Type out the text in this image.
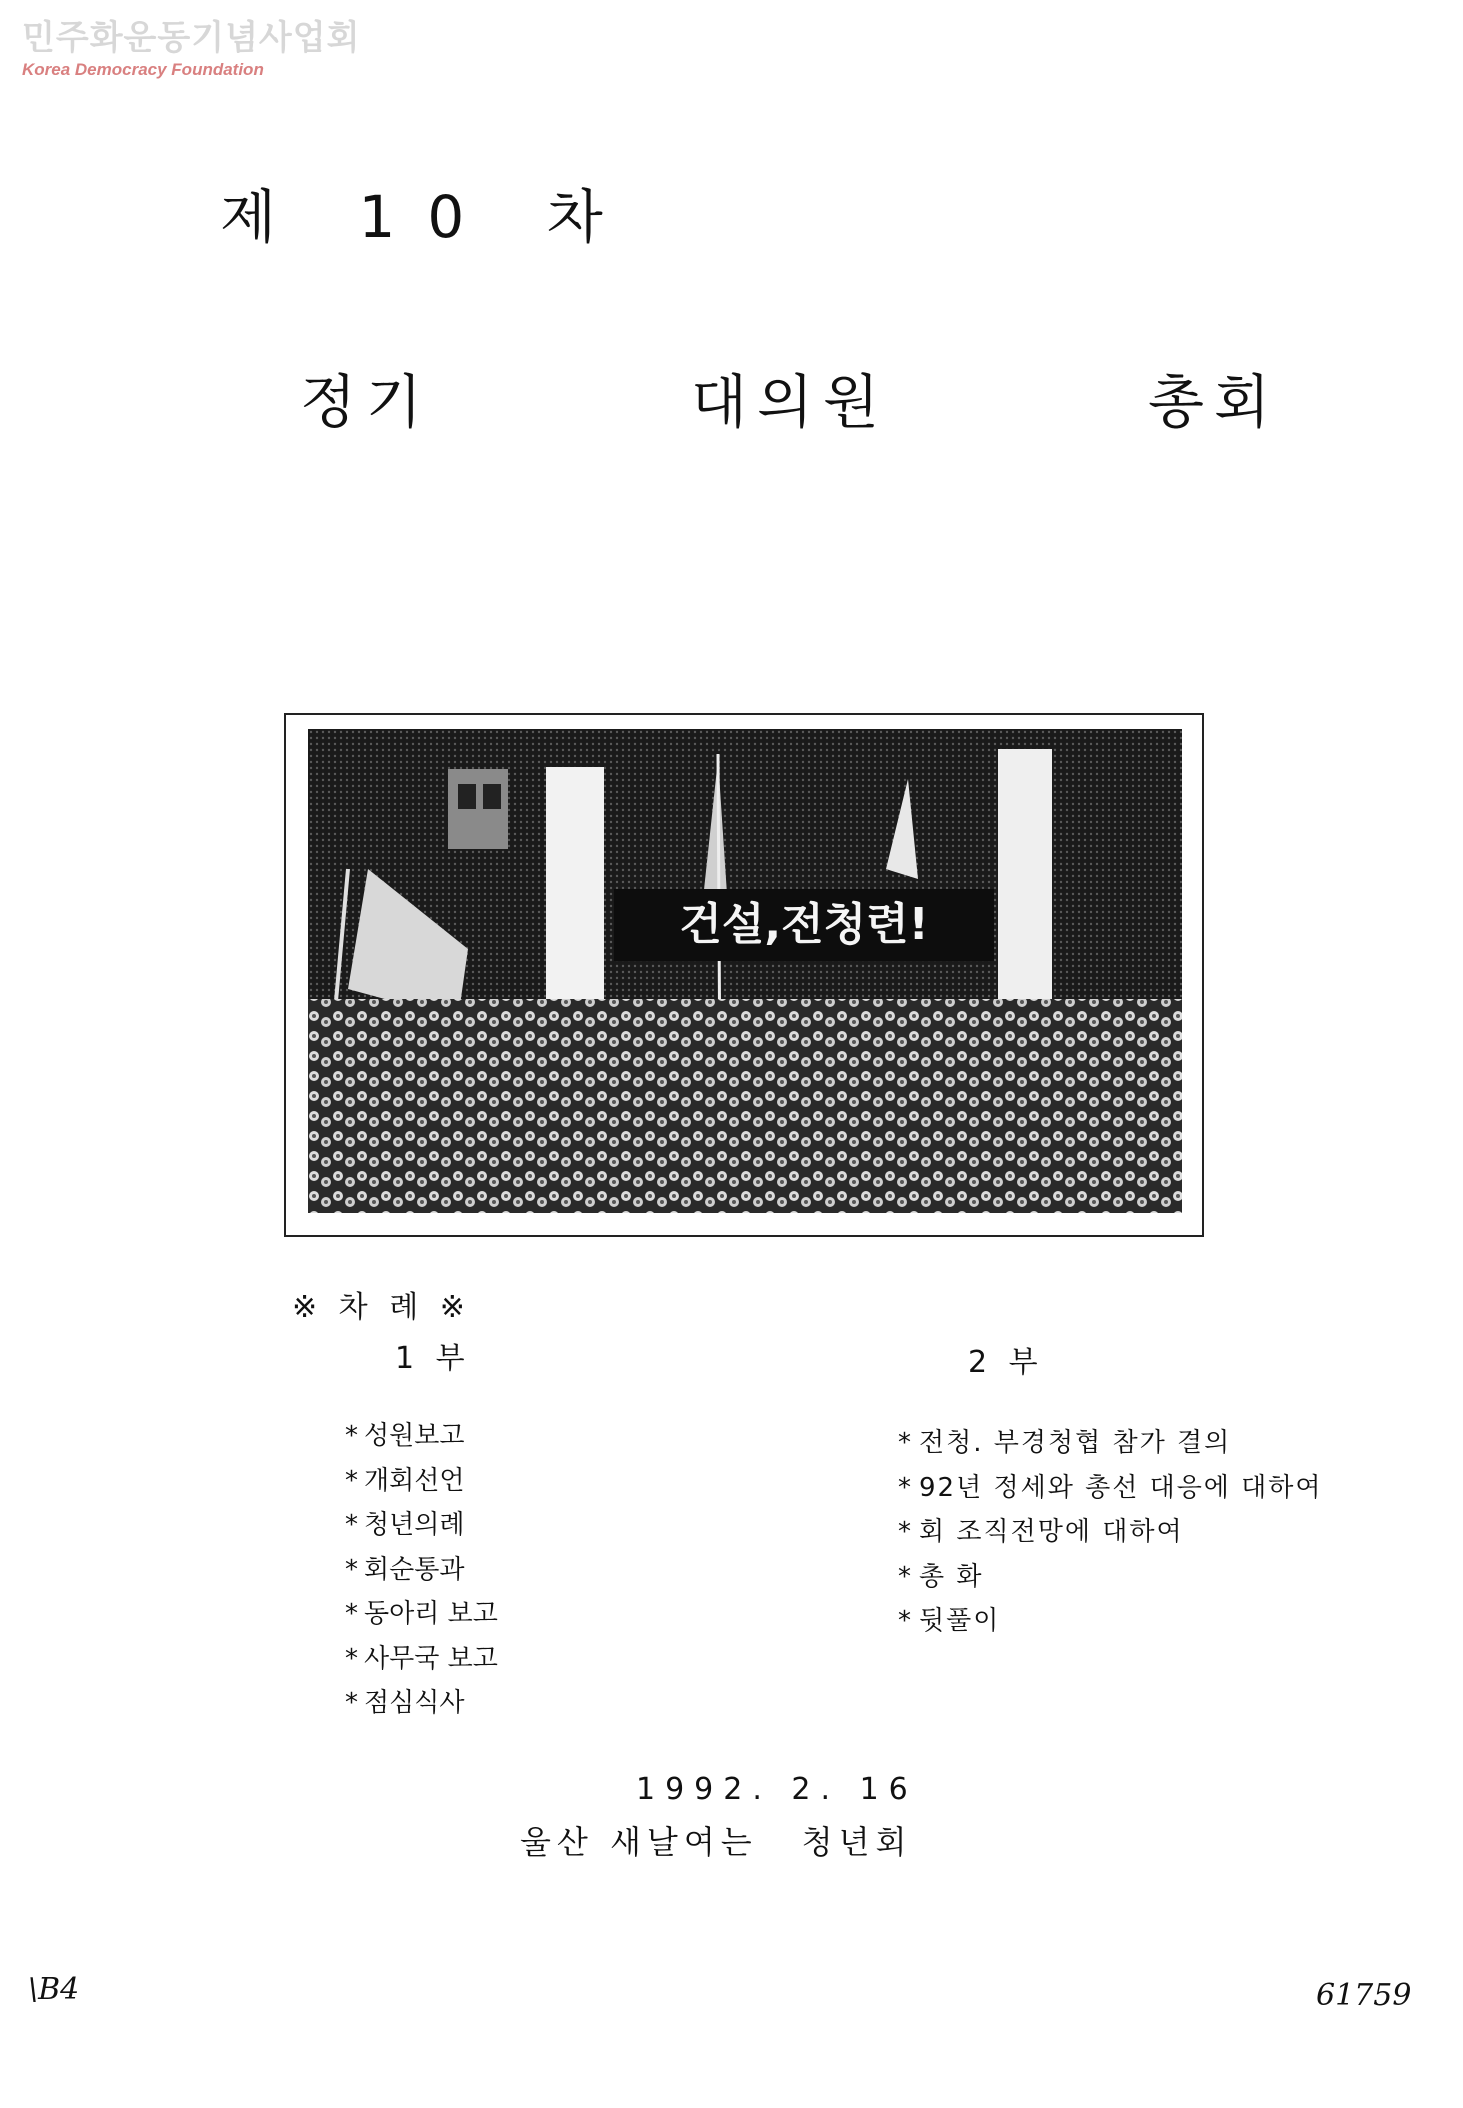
민주화운동기념사업회
Korea Democracy Foundation
제 10 차
정기	대의원	총회
건설,전청련!
※ 차 례 ※
1 부	2 부
* 성원보고
* 개회선언
* 청년의례
* 회순통과
* 동아리 보고
* 사무국 보고
* 점심식사
* 전청. 부경청협 참가 결의
* 92년 정세와 총선 대응에 대하여
* 회 조직전망에 대하여
* 총 화
* 뒷풀이
1992. 2. 16
울산 새날여는 청년회
\B4	61759
